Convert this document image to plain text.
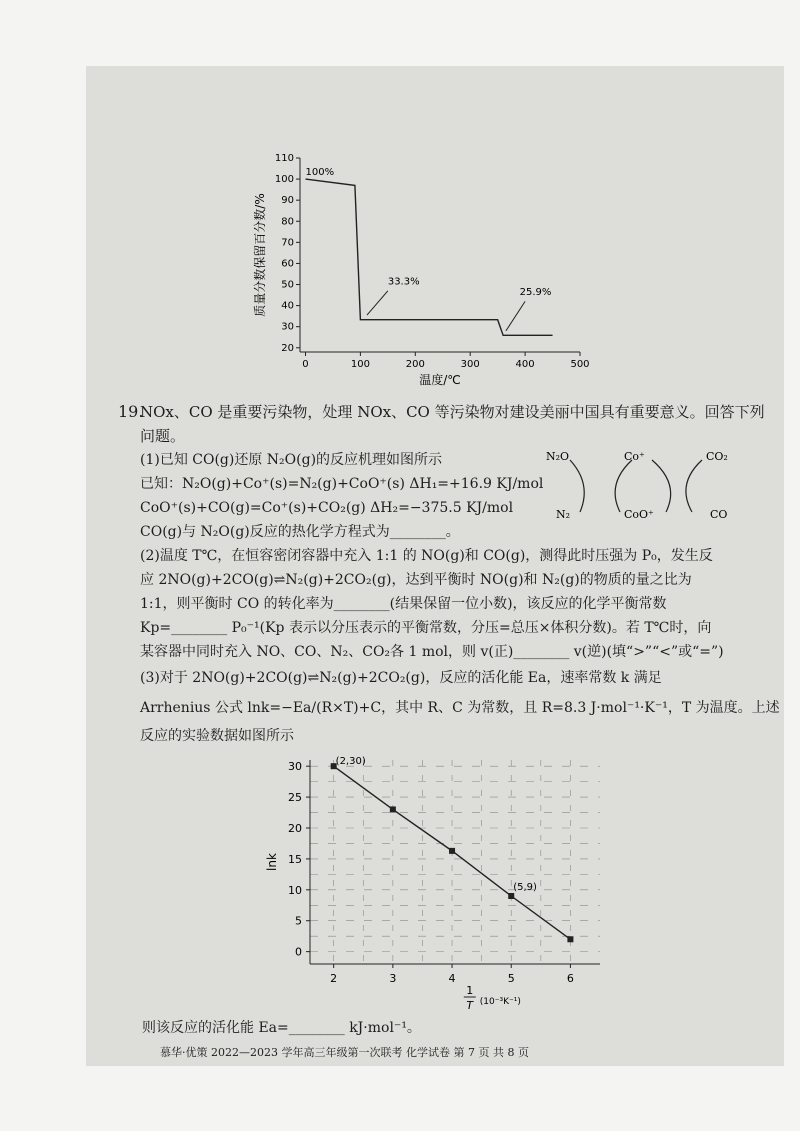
20
30
40
50
60
70
80
90
100
110
0	100	200	300	400	500
100%
33.3%
25.9%
温度/℃
质量分数保留百分数/%
19.
NOx、CO 是重要污染物，处理 NOx、CO 等污染物对建设美丽中国具有重要意义。回答下列
问题。
(1)已知 CO(g)还原 N₂O(g)的反应机理如图所示
已知：N₂O(g)+Co⁺(s)=N₂(g)+CoO⁺(s) ΔH₁=+16.9 KJ/mol
CoO⁺(s)+CO(g)=Co⁺(s)+CO₂(g) ΔH₂=−375.5 KJ/mol
CO(g)与 N₂O(g)反应的热化学方程式为________。
N₂O
N₂
Co⁺
CoO⁺
CO₂
CO
(2)温度 T℃，在恒容密闭容器中充入 1:1 的 NO(g)和 CO(g)，测得此时压强为 P₀，发生反
应 2NO(g)+2CO(g)⇌N₂(g)+2CO₂(g)，达到平衡时 NO(g)和 N₂(g)的物质的量之比为
1:1，则平衡时 CO 的转化率为________(结果保留一位小数)，该反应的化学平衡常数
Kp=________ P₀⁻¹(Kp 表示以分压表示的平衡常数，分压=总压×体积分数)。若 T℃时，向
某容器中同时充入 NO、CO、N₂、CO₂各 1 mol，则 v(正)________ v(逆)(填“>”“<”或“=”)
(3)对于 2NO(g)+2CO(g)⇌N₂(g)+2CO₂(g)，反应的活化能 Ea，速率常数 k 满足
Arrhenius 公式 lnk=−Ea/(R×T)+C，其中 R、C 为常数，且 R=8.3 J·mol⁻¹·K⁻¹，T 为温度。上述
反应的实验数据如图所示
0
5
10
15
20
25
30
2	3	4	5	6
(2,30)
(5,9)
lnk
1
T (10⁻³K⁻¹)
则该反应的活化能 Ea=________ kJ·mol⁻¹。
慕华·优策 2022—2023 学年高三年级第一次联考 化学试卷 第 7 页 共 8 页
